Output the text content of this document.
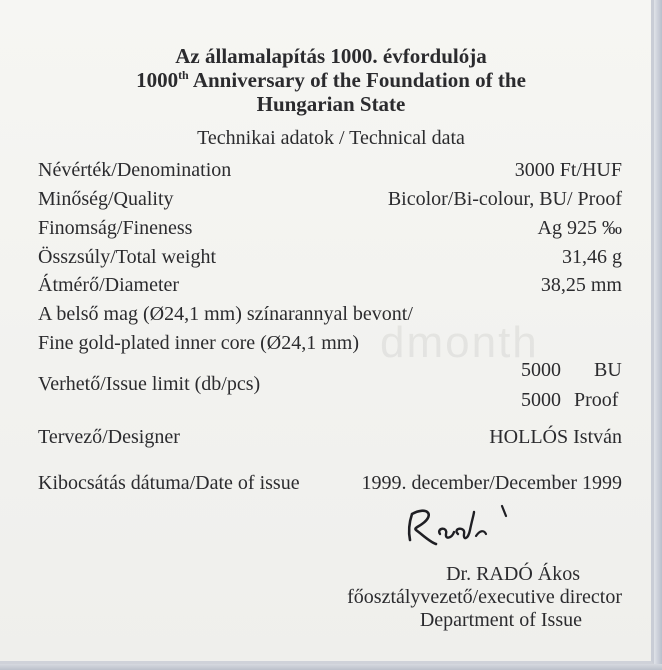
dmonth
Az államalapítás 1000. évfordulója
1000th Anniversary of the Foundation of the
Hungarian State
Technikai adatok / Technical data
Névérték/Denomination	3000 Ft/HUF
Minőség/Quality	Bicolor/Bi-colour, BU/ Proof
Finomság/Fineness	Ag 925 ‰
Összsúly/Total weight	31,46 g
Átmérő/Diameter	38,25 mm
A belső mag (Ø24,1 mm) színarannyal bevont/
Fine gold-plated inner core (Ø24,1 mm)
Verhető/Issue limit (db/pcs)
5000 BU
5000 Proof
Tervező/Designer	HOLLÓS István
Kibocsátás dátuma/Date of issue	1999. december/December 1999
Dr. RADÓ Ákos
főosztályvezető/executive director
Department of Issue
